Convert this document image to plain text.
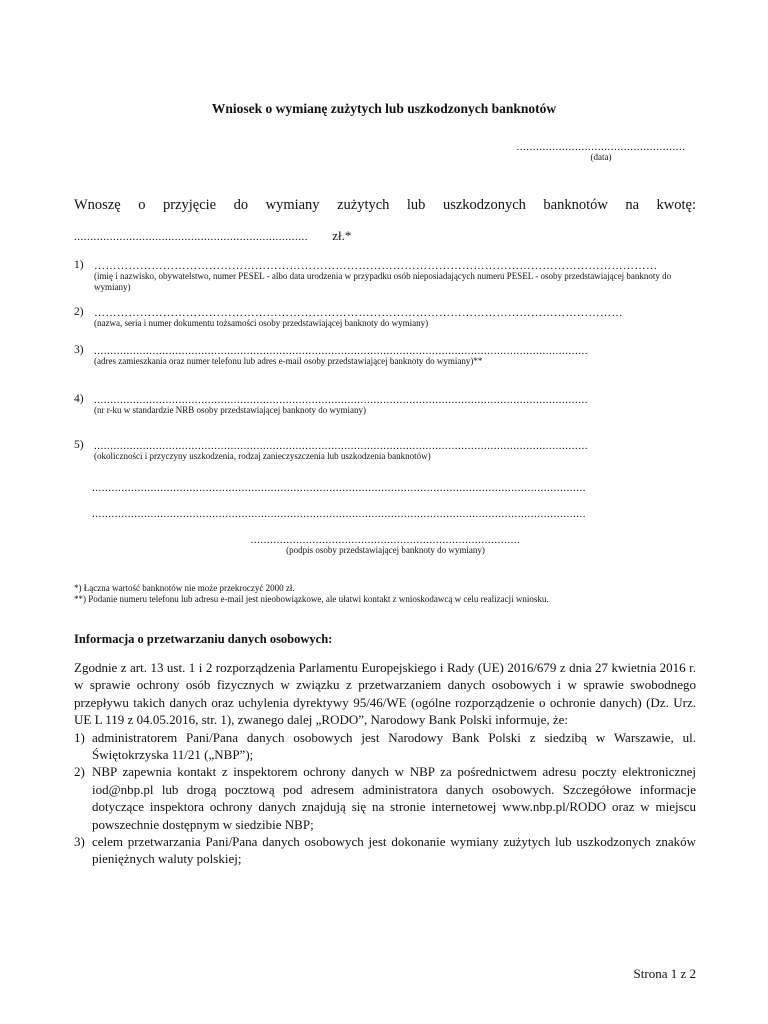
Wniosek o wymianę zużytych lub uszkodzonych banknotów
....................................................
(data)
Wnoszę o przyjęcie do wymiany zużytych lub uszkodzonych banknotów na kwotę:
........................................................................ zł.*
1) …………………………………………………………………………………………………………………………………
(imię i nazwisko, obywatelstwo, numer PESEL - albo data urodzenia w przypadku osób nieposiadających numeru PESEL - osoby przedstawiającej banknoty do wymiany)
2) …………………………………………………………………………………………………………………………
(nazwa, seria i numer dokumentu tożsamości osoby przedstawiającej banknoty do wymiany)
3) ........................................................................................................................................................
(adres zamieszkania oraz numer telefonu lub adres e-mail osoby przedstawiającej banknoty do wymiany)**
4) ........................................................................................................................................................
(nr r-ku w standardzie NRB osoby przedstawiającej banknoty do wymiany)
5) ........................................................................................................................................................
(okoliczności i przyczyny uszkodzenia, rodzaj zanieczyszczenia lub uszkodzenia banknotów)
........................................................................................................................................................
........................................................................................................................................................
...................................................................................
(podpis osoby przedstawiającej banknoty do wymiany)
*) Łączna wartość banknotów nie może przekroczyć 2000 zł.
**) Podanie numeru telefonu lub adresu e-mail jest nieobowiązkowe, ale ułatwi kontakt z wnioskodawcą w celu realizacji wniosku.
Informacja o przetwarzaniu danych osobowych:
Zgodnie z art. 13 ust. 1 i 2 rozporządzenia Parlamentu Europejskiego i Rady (UE) 2016/679 z dnia 27 kwietnia 2016 r. w sprawie ochrony osób fizycznych w związku z przetwarzaniem danych osobowych i w sprawie swobodnego przepływu takich danych oraz uchylenia dyrektywy 95/46/WE (ogólne rozporządzenie o ochronie danych) (Dz. Urz. UE L 119 z 04.05.2016, str. 1), zwanego dalej „RODO”, Narodowy Bank Polski informuje, że:
1) administratorem Pani/Pana danych osobowych jest Narodowy Bank Polski z siedzibą w Warszawie, ul. Świętokrzyska 11/21 („NBP”);
2) NBP zapewnia kontakt z inspektorem ochrony danych w NBP za pośrednictwem adresu poczty elektronicznej iod@nbp.pl lub drogą pocztową pod adresem administratora danych osobowych. Szczegółowe informacje dotyczące inspektora ochrony danych znajdują się na stronie internetowej www.nbp.pl/RODO oraz w miejscu powszechnie dostępnym w siedzibie NBP;
3) celem przetwarzania Pani/Pana danych osobowych jest dokonanie wymiany zużytych lub uszkodzonych znaków pieniężnych waluty polskiej;
Strona 1 z 2
